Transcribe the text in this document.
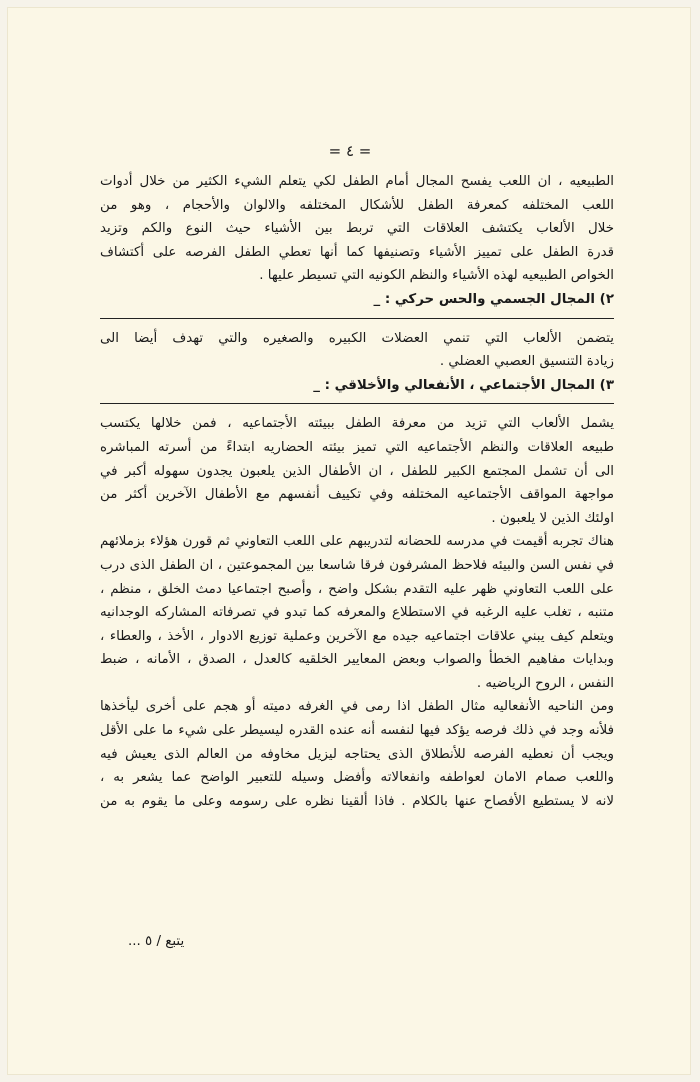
= ٤ =
الطبيعيه ، ان اللعب يفسح المجال أمام الطفل لكي يتعلم الشيء الكثير من خلال أدوات
اللعب المختلفه كمعرفة الطفل للأشكال المختلفه والالوان والأحجام ، وهو من
خلال الألعاب يكتشف العلاقات التي تربط بين الأشياء حيث النوع والكم وتزيد
قدرة الطفل على تمييز الأشياء وتصنيفها كما أنها تعطي الطفل الفرصه على أكتشاف
الخواص الطبيعيه لهذه الأشياء والنظم الكونيه التي تسيطر عليها .
٢) المجال الجسمي والحس حركي : _
يتضمن الألعاب التي تنمي العضلات الكبيره والصغيره والتي تهدف أيضا الى
زيادة التنسيق العصبي العضلي .
٣) المجال الأجتماعي ، الأنفعالي والأخلاقي : _
يشمل الألعاب التي تزيد من معرفة الطفل ببيئته الأجتماعيه ، فمن خلالها يكتسب
طبيعه العلاقات والنظم الأجتماعيه التي تميز بيئته الحضاريه ابتداءً من أسرته المباشره
الى أن تشمل المجتمع الكبير للطفل ، ان الأطفال الذين يلعبون يجدون سهوله أكبر في
مواجهة المواقف الأجتماعيه المختلفه وفي تكييف أنفسهم مع الأطفال الآخرين أكثر من
اولئك الذين لا يلعبون .
هناك تجربه أقيمت في مدرسه للحضانه لتدريبهم على اللعب التعاوني ثم قورن هؤلاء بزملائهم
في نفس السن والبيئه فلاحظ المشرفون فرقا شاسعا بين المجموعتين ، ان الطفل الذى درب
على اللعب التعاوني ظهر عليه التقدم بشكل واضح ، وأصبح اجتماعيا دمث الخلق ، منظم ،
متنبه ، تغلب عليه الرغبه في الاستطلاع والمعرفه كما تبدو في تصرفاته المشاركه الوجدانيه
ويتعلم كيف يبني علاقات اجتماعيه جيده مع الآخرين وعملية توزيع الادوار ، الأخذ ، والعطاء ،
وبدايات مفاهيم الخطأ والصواب وبعض المعايير الخلقيه كالعدل ، الصدق ، الأمانه ، ضبط
النفس ، الروح الرياضيه .
ومن الناحيه الأنفعاليه مثال الطفل اذا رمى في الغرفه دميته أو هجم على أخرى ليأخذها
فلأنه وجد في ذلك فرصه يؤكد فيها لنفسه أنه عنده القدره ليسيطر على شيء ما على الأقل
ويجب أن نعطيه الفرصه للأنطلاق الذى يحتاجه ليزيل مخاوفه من العالم الذى يعيش فيه
واللعب صمام الامان لعواطفه وانفعالاته وأفضل وسيله للتعبير الواضح عما يشعر به ،
لانه لا يستطيع الأفصاح عنها بالكلام . فاذا ألقينا نظره على رسومه وعلى ما يقوم به من
يتبع / ٥ ...
